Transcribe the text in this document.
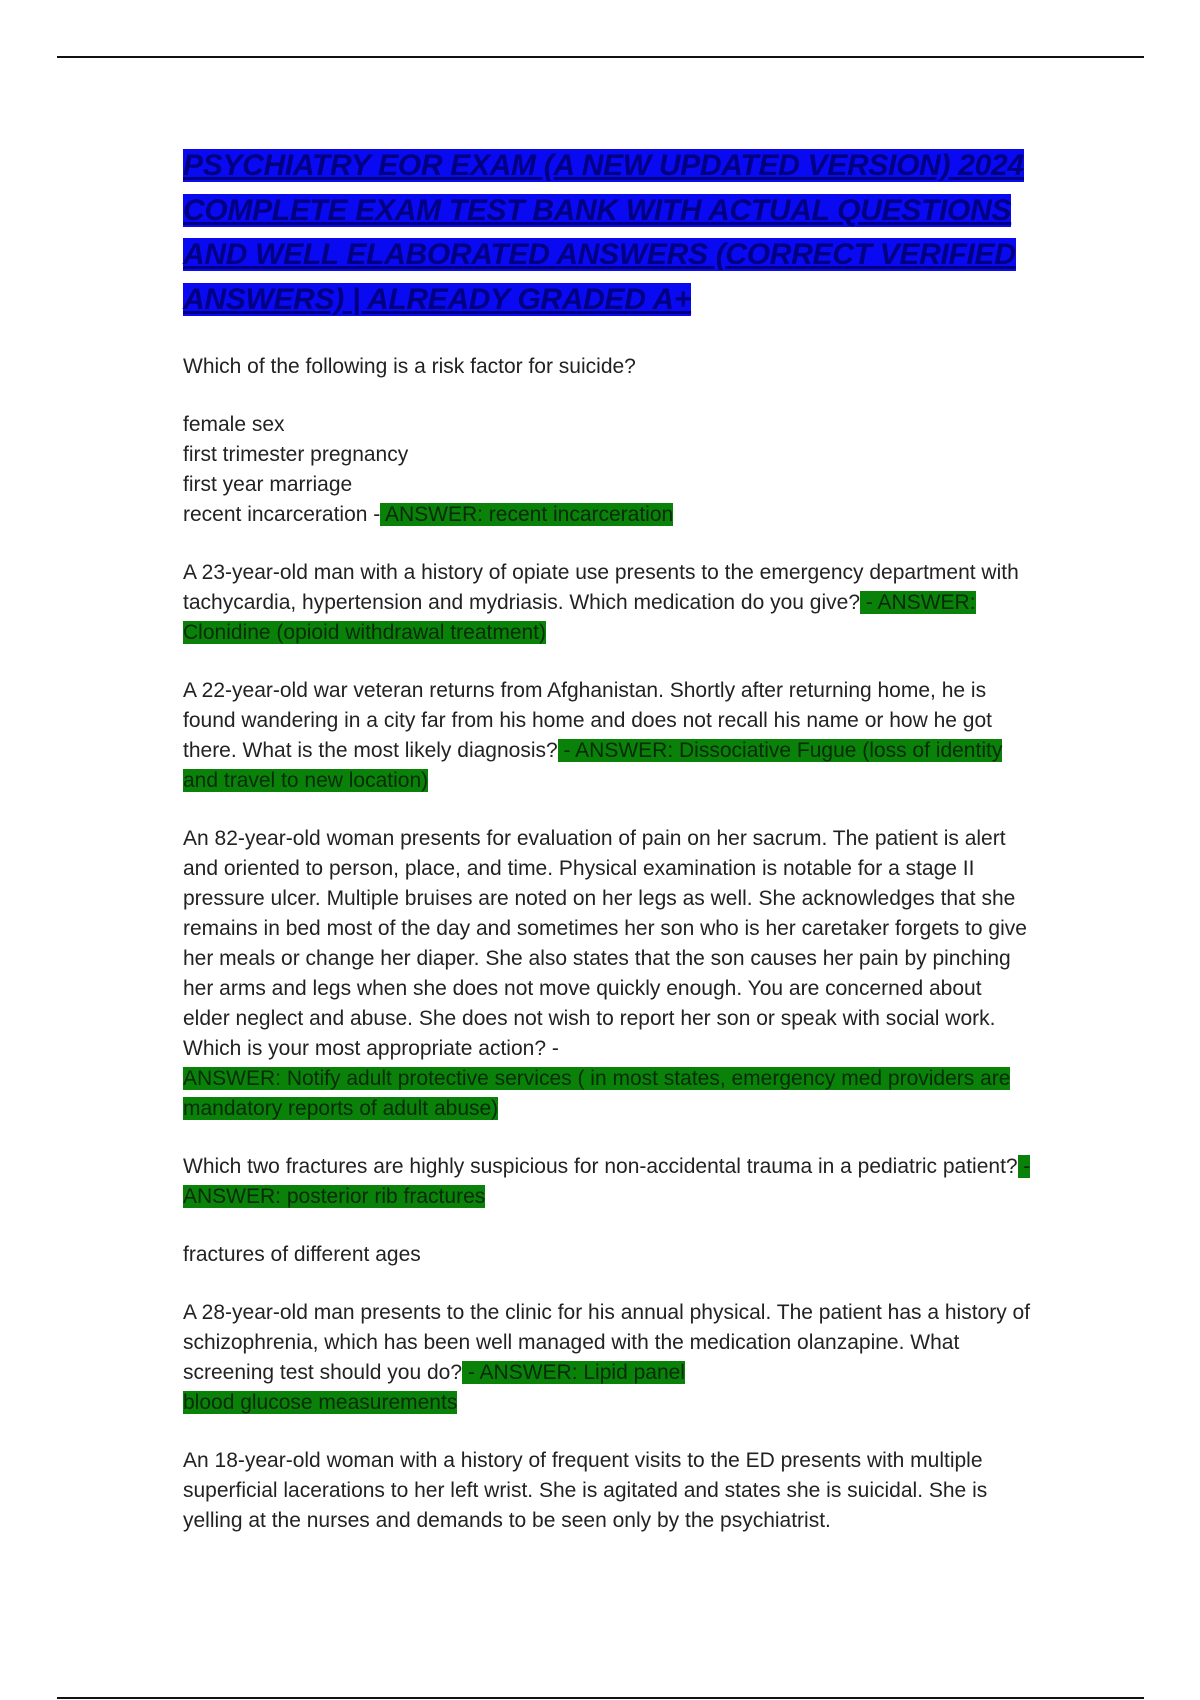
PSYCHIATRY EOR EXAM (A NEW UPDATED VERSION) 2024 COMPLETE EXAM TEST BANK WITH ACTUAL QUESTIONS AND WELL ELABORATED ANSWERS (CORRECT VERIFIED ANSWERS) | ALREADY GRADED A+

Which of the following is a risk factor for suicide?

female sex
first trimester pregnancy
first year marriage
recent incarceration - ANSWER: recent incarceration

A 23-year-old man with a history of opiate use presents to the emergency department with tachycardia, hypertension and mydriasis. Which medication do you give? - ANSWER: Clonidine (opioid withdrawal treatment)

A 22-year-old war veteran returns from Afghanistan. Shortly after returning home, he is found wandering in a city far from his home and does not recall his name or how he got there. What is the most likely diagnosis? - ANSWER: Dissociative Fugue (loss of identity and travel to new location)

An 82-year-old woman presents for evaluation of pain on her sacrum. The patient is alert and oriented to person, place, and time. Physical examination is notable for a stage II pressure ulcer. Multiple bruises are noted on her legs as well. She acknowledges that she remains in bed most of the day and sometimes her son who is her caretaker forgets to give her meals or change her diaper. She also states that the son causes her pain by pinching her arms and legs when she does not move quickly enough. You are concerned about elder neglect and abuse. She does not wish to report her son or speak with social work. Which is your most appropriate action? -

ANSWER: Notify adult protective services ( in most states, emergency med providers are mandatory reports of adult abuse)

Which two fractures are highly suspicious for non-accidental trauma in a pediatric patient? - ANSWER: posterior rib fractures

fractures of different ages

A 28-year-old man presents to the clinic for his annual physical. The patient has a history of schizophrenia, which has been well managed with the medication olanzapine. What screening test should you do? - ANSWER: Lipid panel

blood glucose measurements

An 18-year-old woman with a history of frequent visits to the ED presents with multiple superficial lacerations to her left wrist. She is agitated and states she is suicidal. She is yelling at the nurses and demands to be seen only by the psychiatrist.
